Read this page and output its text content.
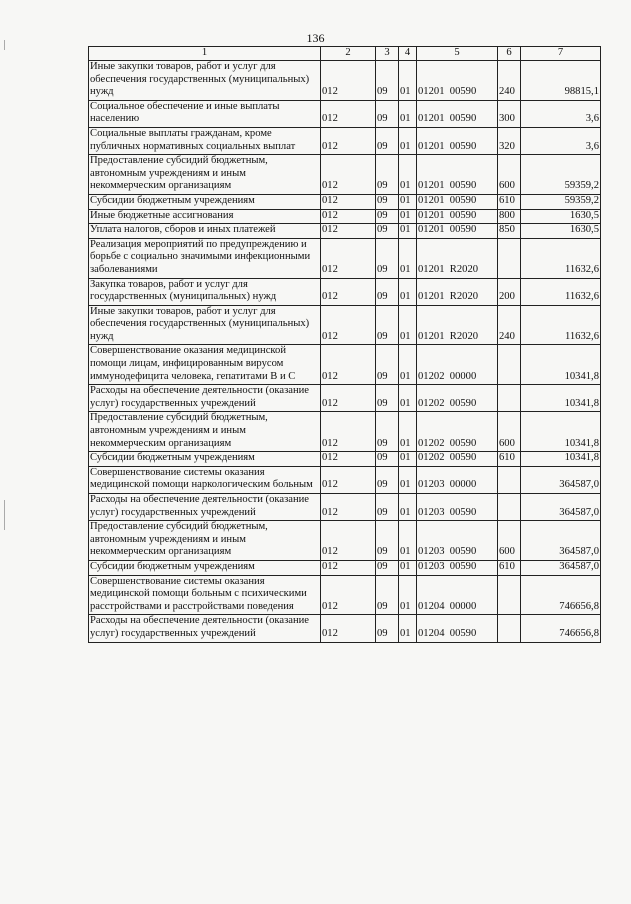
136
1	2	3	4	5	6	7
Иные закупки товаров, работ и услуг для обеспечения государственных (муниципальных) нужд	012	09	01	01201  00590	240	98815,1
Социальное обеспечение и иные выплаты населению	012	09	01	01201  00590	300	3,6
Социальные выплаты гражданам, кроме публичных нормативных социальных выплат	012	09	01	01201  00590	320	3,6
Предоставление субсидий бюджетным, автономным учреждениям и иным некоммерческим организациям	012	09	01	01201  00590	600	59359,2
Субсидии бюджетным учреждениям	012	09	01	01201  00590	610	59359,2
Иные бюджетные ассигнования	012	09	01	01201  00590	800	1630,5
Уплата налогов, сборов и иных платежей	012	09	01	01201  00590	850	1630,5
Реализация мероприятий по предупреждению и борьбе с социально значимыми инфекционными заболеваниями	012	09	01	01201  R2020		11632,6
Закупка товаров, работ и услуг для государственных (муниципальных) нужд	012	09	01	01201  R2020	200	11632,6
Иные закупки товаров, работ и услуг для обеспечения государственных (муниципальных) нужд	012	09	01	01201  R2020	240	11632,6
Совершенствование оказания медицинской помощи лицам, инфицированным вирусом иммунодефицита человека, гепатитами В и С	012	09	01	01202  00000		10341,8
Расходы на обеспечение деятельности (оказание услуг) государственных учреждений	012	09	01	01202  00590		10341,8
Предоставление субсидий бюджетным, автономным учреждениям и иным некоммерческим организациям	012	09	01	01202  00590	600	10341,8
Субсидии бюджетным учреждениям	012	09	01	01202  00590	610	10341,8
Совершенствование системы оказания медицинской помощи наркологическим больным	012	09	01	01203  00000		364587,0
Расходы на обеспечение деятельности (оказание услуг) государственных учреждений	012	09	01	01203  00590		364587,0
Предоставление субсидий бюджетным, автономным учреждениям и иным некоммерческим организациям	012	09	01	01203  00590	600	364587,0
Субсидии бюджетным учреждениям	012	09	01	01203  00590	610	364587,0
Совершенствование системы оказания медицинской помощи больным с психическими расстройствами и расстройствами поведения	012	09	01	01204  00000		746656,8
Расходы на обеспечение деятельности (оказание услуг) государственных учреждений	012	09	01	01204  00590		746656,8
